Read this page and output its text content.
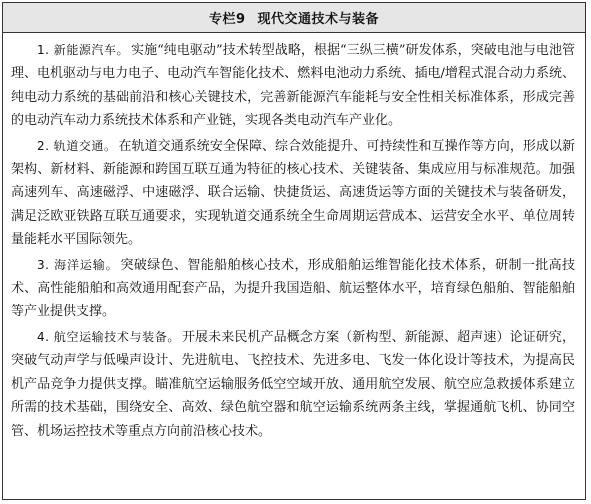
专栏9 现代交通技术与装备

1. 新能源汽车。 实施“纯电驱动”技术转型战略，根据“三纵三横”研发体系，突破电池与电池管理、电机驱动与电力电子、电动汽车智能化技术、燃料电池动力系统、插电/增程式混合动力系统、纯电动力系统的基础前沿和核心关键技术，完善新能源汽车能耗与安全性相关标准体系，形成完善的电动汽车动力系统技术体系和产业链，实现各类电动汽车产业化。

2. 轨道交通。 在轨道交通系统安全保障、综合效能提升、可持续性和互操作等方向，形成以新架构、新材料、新能源和跨国互联互通为特征的核心技术、关键装备、集成应用与标准规范。加强高速列车、高速磁浮、中速磁浮、联合运输、快捷货运、高速货运等方面的关键技术与装备研发，满足泛欧亚铁路互联互通要求，实现轨道交通系统全生命周期运营成本、运营安全水平、单位周转量能耗水平国际领先。

3. 海洋运输。 突破绿色、智能船舶核心技术，形成船舶运维智能化技术体系，研制一批高技术、高性能船舶和高效通用配套产品，为提升我国造船、航运整体水平，培育绿色船舶、智能船舶等产业提供支撑。

4. 航空运输技术与装备。 开展未来民机产品概念方案（新构型、新能源、超声速）论证研究，突破气动声学与低噪声设计、先进航电、飞控技术、先进多电、飞发一体化设计等技术，为提高民机产品竞争力提供支撑。瞄准航空运输服务低空空域开放、通用航空发展、航空应急救援体系建立所需的技术基础，围绕安全、高效、绿色航空器和航空运输系统两条主线，掌握通航飞机、协同空管、机场运控技术等重点方向前沿核心技术。
